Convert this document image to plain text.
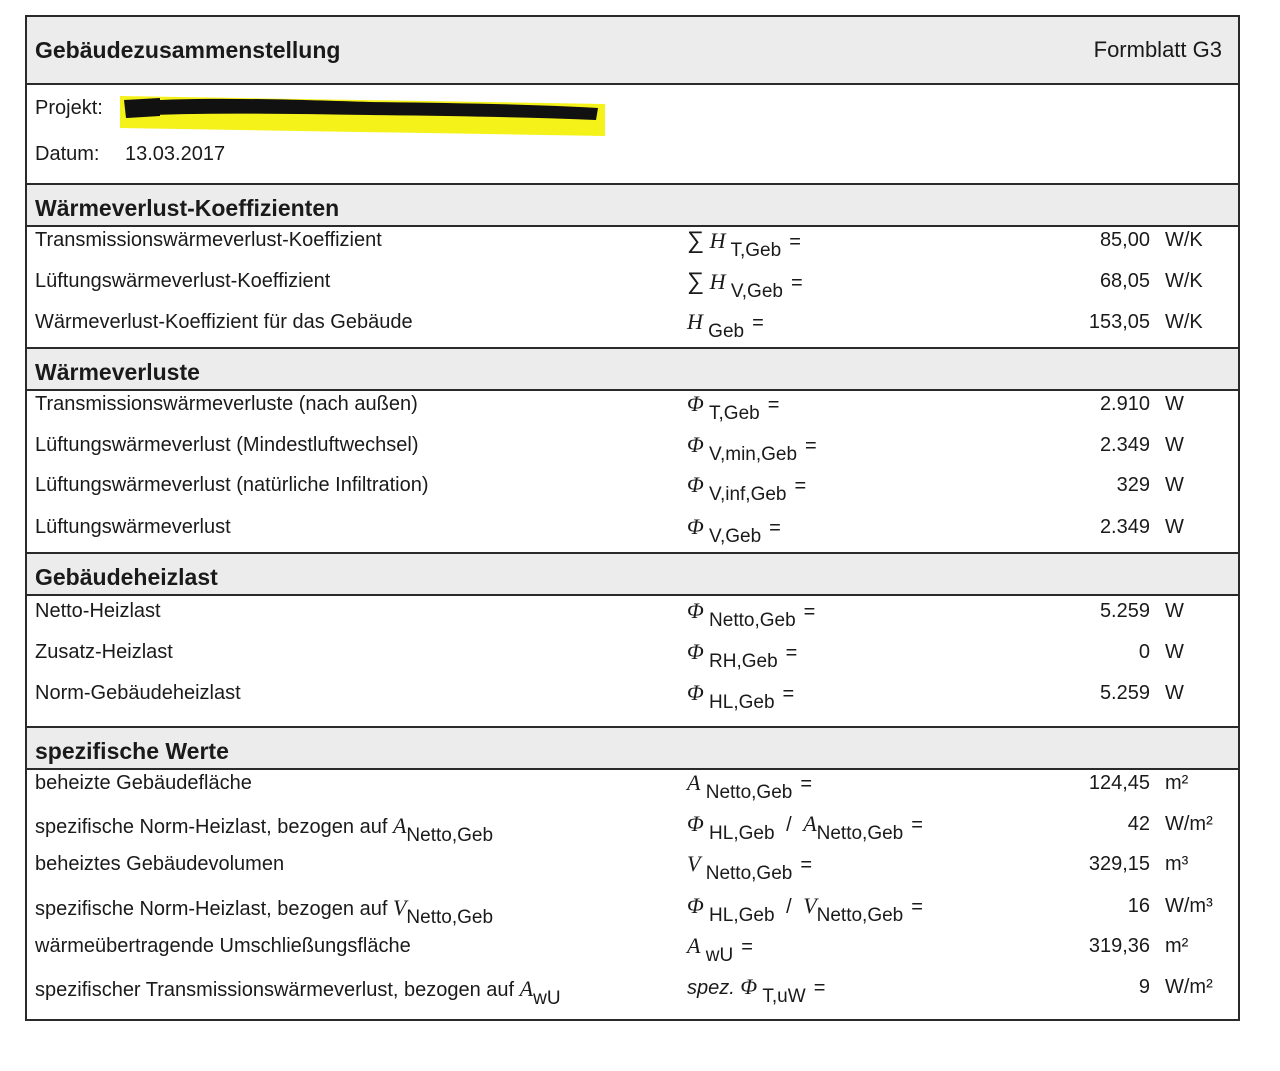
Gebäudezusammenstellung	Formblatt G3
Projekt:
Datum: 13.03.2017
Wärmeverlust-Koeffizienten
Transmissionswärmeverlust-Koeffizient	∑ H $_{T,Geb}$ =	85,00 W/K
Lüftungswärmeverlust-Koeffizient	∑ H $_{V,Geb}$ =	68,05 W/K
Wärmeverlust-Koeffizient für das Gebäude	H $_{Geb}$ =	153,05 W/K
Wärmeverluste
Transmissionswärmeverluste (nach außen)	Φ $_{T,Geb}$ =	2.910 W
Lüftungswärmeverlust (Mindestluftwechsel)	Φ $_{V,min,Geb}$ =	2.349 W
Lüftungswärmeverlust (natürliche Infiltration)	Φ $_{V,inf,Geb}$ =	329 W
Lüftungswärmeverlust	Φ $_{V,Geb}$ =	2.349 W
Gebäudeheizlast
Netto-Heizlast	Φ $_{Netto,Geb}$ =	5.259 W
Zusatz-Heizlast	Φ $_{RH,Geb}$ =	0 W
Norm-Gebäudeheizlast	Φ $_{HL,Geb}$ =	5.259 W
spezifische Werte
beheizte Gebäudefläche	A $_{Netto,Geb}$ =	124,45 m²
spezifische Norm-Heizlast, bezogen auf $A_{Netto,Geb}$	Φ $_{HL,Geb} / A_{Netto,Geb}$ =	42 W/m²
beheiztes Gebäudevolumen	V $_{Netto,Geb}$ =	329,15 m³
spezifische Norm-Heizlast, bezogen auf $V_{Netto,Geb}$	Φ $_{HL,Geb} / V_{Netto,Geb}$ =	16 W/m³
wärmeübertragende Umschließungsfläche	A $_{wU}$ =	319,36 m²
spezifischer Transmissionswärmeverlust, bezogen auf $A_{wU}$	spez. Φ $_{T,uW}$ =	9 W/m²
